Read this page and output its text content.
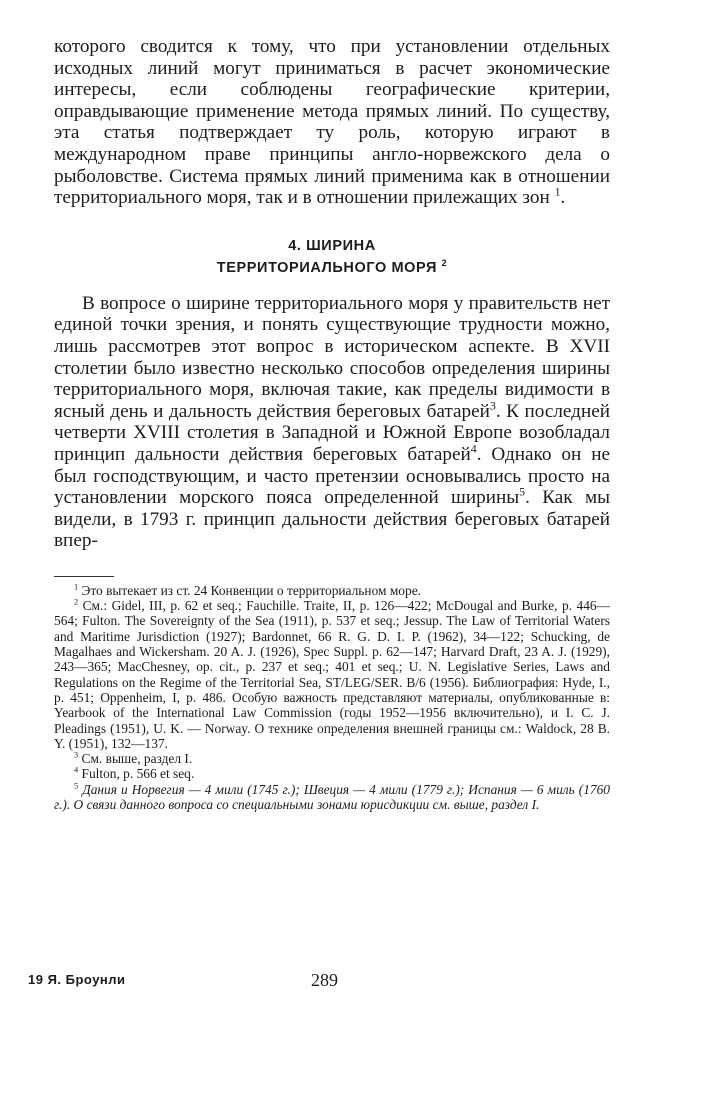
которого сводится к тому, что при установлении отдельных исходных линий могут приниматься в расчет экономические интересы, если соблюдены географические критерии, оправдывающие применение метода прямых линий. По существу, эта статья подтверждает ту роль, которую играют в международном праве принципы англо-норвежского дела о рыболовстве. Система прямых линий применима как в отношении территориального моря, так и в отношении прилежащих зон $^1$.

4. ШИРИНА

ТЕРРИТОРИАЛЬНОГО МОРЯ $^2$

В вопросе о ширине территориального моря у правительств нет единой точки зрения, и понять существующие трудности можно, лишь рассмотрев этот вопрос в историческом аспекте. В XVII столетии было известно несколько способов определения ширины территориального моря, включая такие, как пределы видимости в ясный день и дальность действия береговых батарей$^3$. К последней четверти XVIII столетия в Западной и Южной Европе возобладал принцип дальности действия береговых батарей$^4$. Однако он не был господствующим, и часто претензии основывались просто на установлении морского пояса определенной ширины$^5$. Как мы видели, в 1793 г. принцип дальности действия береговых батарей впер-

$^1$ Это вытекает из ст. 24 Конвенции о территориальном море.

$^2$ См.: Gidel, III, p. 62 et seq.; Fauchille. Traite, II, p. 126—422; McDougal and Burke, p. 446—564; Fulton. The Sovereignty of the Sea (1911), p. 537 et seq.; Jessup. The Law of Territorial Waters and Maritime Jurisdiction (1927); Bardonnet, 66 R. G. D. I. P. (1962), 34—122; Schucking, de Magalhaes and Wickersham. 20 A. J. (1926), Spec Suppl. p. 62—147; Harvard Draft, 23 A. J. (1929), 243—365; MacChesney, op. cit., p. 237 et seq.; 401 et seq.; U. N. Legislative Series, Laws and Regulations on the Regime of the Territorial Sea, ST/LEG/SER. B/6 (1956). Библиография: Hyde, I., p. 451; Oppenheim, I, p. 486. Особую важность представляют материалы, опубликованные в: Yearbook of the International Law Commission (годы 1952—1956 включительно), и I. C. J. Pleadings (1951), U. K. — Norway. О технике определения внешней границы см.: Waldock, 28 B. Y. (1951), 132—137.

$^3$ См. выше, раздел I.

$^4$ Fulton, p. 566 et seq.

$^5$ Дания и Норвегия — 4 мили (1745 г.); Швеция — 4 мили (1779 г.); Испания — 6 миль (1760 г.). О связи данного вопроса со специальными зонами юрисдикции см. выше, раздел I.

19 Я. Броунли	289
